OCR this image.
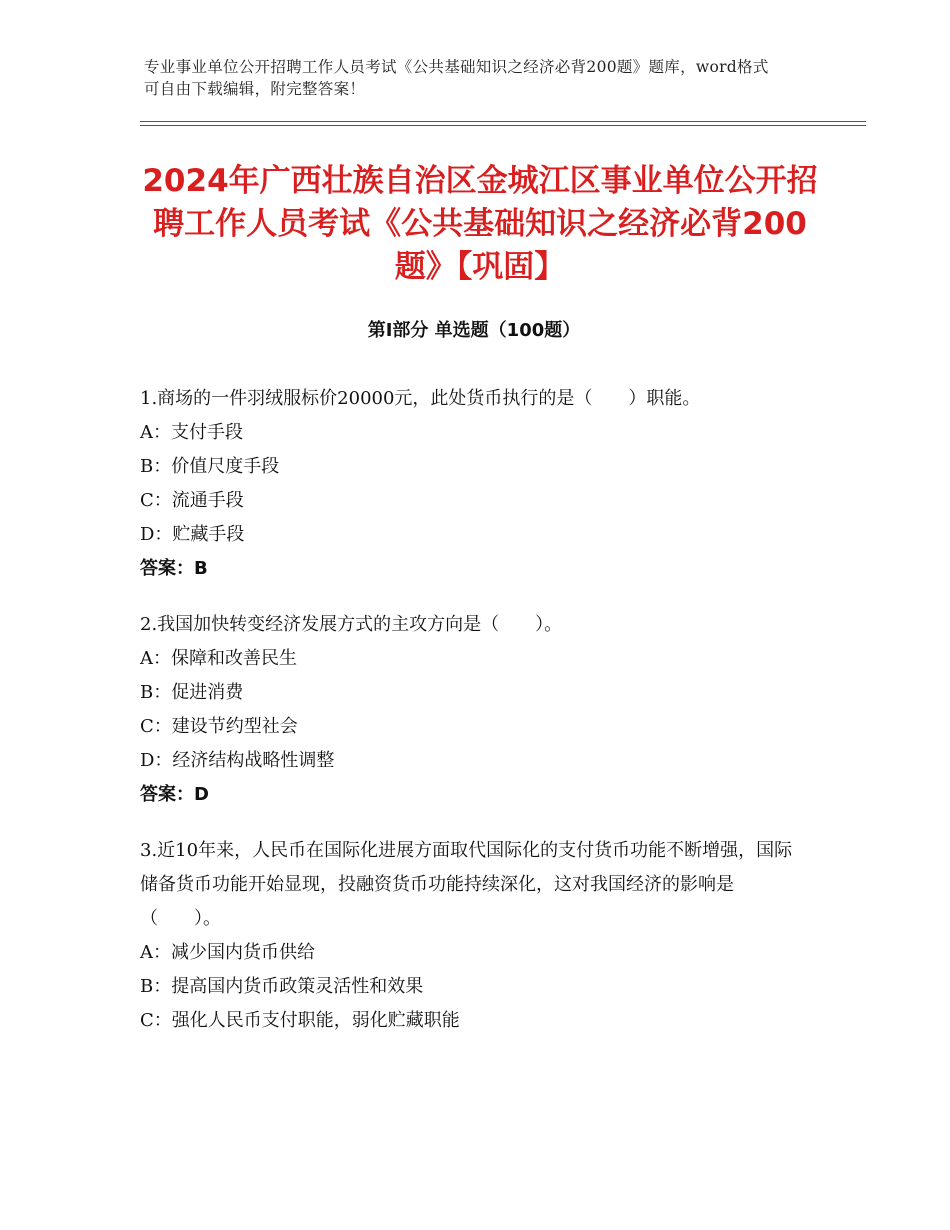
专业事业单位公开招聘工作人员考试《公共基础知识之经济必背200题》题库，word格式可自由下载编辑，附完整答案！
2024年广西壮族自治区金城江区事业单位公开招聘工作人员考试《公共基础知识之经济必背200题》【巩固】
第Ⅰ部分 单选题（100题）
1.商场的一件羽绒服标价20000元，此处货币执行的是（　　）职能。
A：支付手段
B：价值尺度手段
C：流通手段
D：贮藏手段
答案：B
2.我国加快转变经济发展方式的主攻方向是（　　）。
A：保障和改善民生
B：促进消费
C：建设节约型社会
D：经济结构战略性调整
答案：D
3.近10年来，人民币在国际化进展方面取代国际化的支付货币功能不断增强，国际储备货币功能开始显现，投融资货币功能持续深化，这对我国经济的影响是（　　）。
A：减少国内货币供给
B：提高国内货币政策灵活性和效果
C：强化人民币支付职能，弱化贮藏职能
